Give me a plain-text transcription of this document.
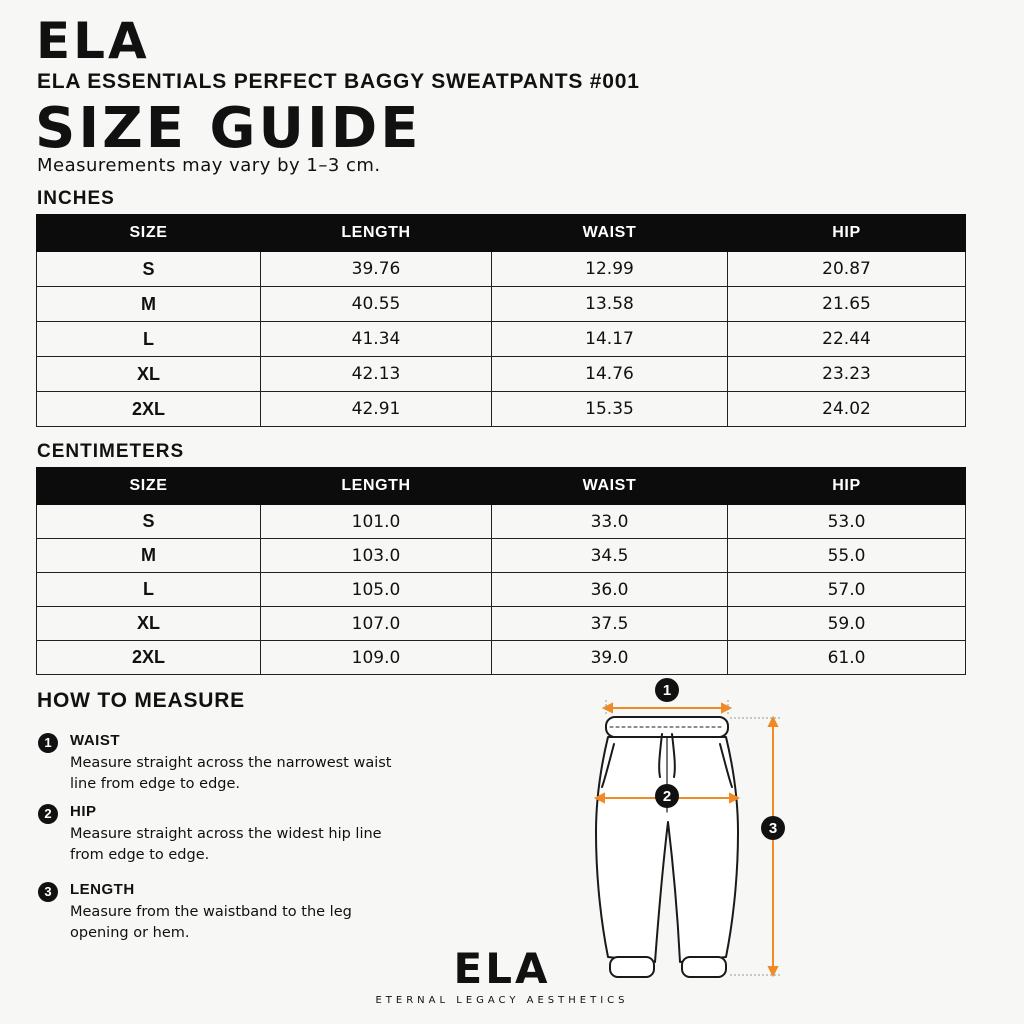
ELA
ELA ESSENTIALS PERFECT BAGGY SWEATPANTS #001
SIZE GUIDE
Measurements may vary by 1–3 cm.
INCHES
SIZE	LENGTH	WAIST	HIP
S	39.76	12.99	20.87
M	40.55	13.58	21.65
L	41.34	14.17	22.44
XL	42.13	14.76	23.23
2XL	42.91	15.35	24.02
CENTIMETERS
SIZE	LENGTH	WAIST	HIP
S	101.0	33.0	53.0
M	103.0	34.5	55.0
L	105.0	36.0	57.0
XL	107.0	37.5	59.0
2XL	109.0	39.0	61.0
HOW TO MEASURE
1	WAIST
Measure straight across the narrowest waist line from edge to edge.
2	HIP
Measure straight across the widest hip line from edge to edge.
3	LENGTH
Measure from the waistband to the leg opening or hem.
1
2
3
ELA
ETERNAL LEGACY AESTHETICS
